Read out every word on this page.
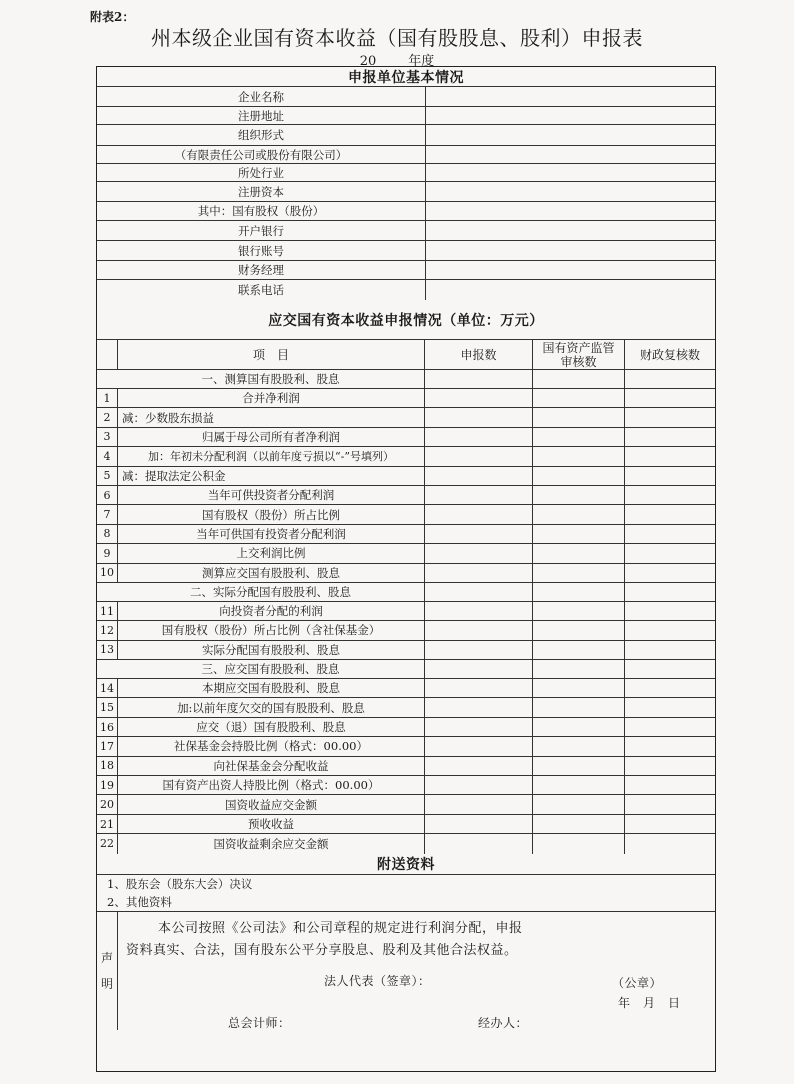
附表2：
州本级企业国有资本收益（国有股股息、股利）申报表
20 年度
申报单位基本情况
企业名称
注册地址
组织形式
（有限责任公司或股份有限公司）
所处行业
注册资本
其中：国有股权（股份）
开户银行
银行账号
财务经理
联系电话
应交国有资本收益申报情况（单位：万元）
项　目	申报数	国有资产监管审核数	财政复核数
一、测算国有股股利、股息
1	合并净利润
2	减：少数股东损益
3	归属于母公司所有者净利润
4	加：年初未分配利润（以前年度亏损以“-”号填列）
5	减：提取法定公积金
6	当年可供投资者分配利润
7	国有股权（股份）所占比例
8	当年可供国有投资者分配利润
9	上交利润比例
10	测算应交国有股股利、股息
二、实际分配国有股股利、股息
11	向投资者分配的利润
12	国有股权（股份）所占比例（含社保基金）
13	实际分配国有股股利、股息
三、应交国有股股利、股息
14	本期应交国有股股利、股息
15	加:以前年度欠交的国有股股利、股息
16	应交（退）国有股股利、股息
17	社保基金会持股比例（格式：00.00）
18	向社保基金会分配收益
19	国有资产出资人持股比例（格式：00.00）
20	国资收益应交金额
21	预收收益
22	国资收益剩余应交金额
附送资料
1、股东会（股东大会）决议
2、其他资料
声
明

本公司按照《公司法》和公司章程的规定进行利润分配，申报

资料真实、合法，国有股东公平分享股息、股利及其他合法权益。

法人代表（签章）：	（公章）

年　月　日

总会计师：	经办人：
